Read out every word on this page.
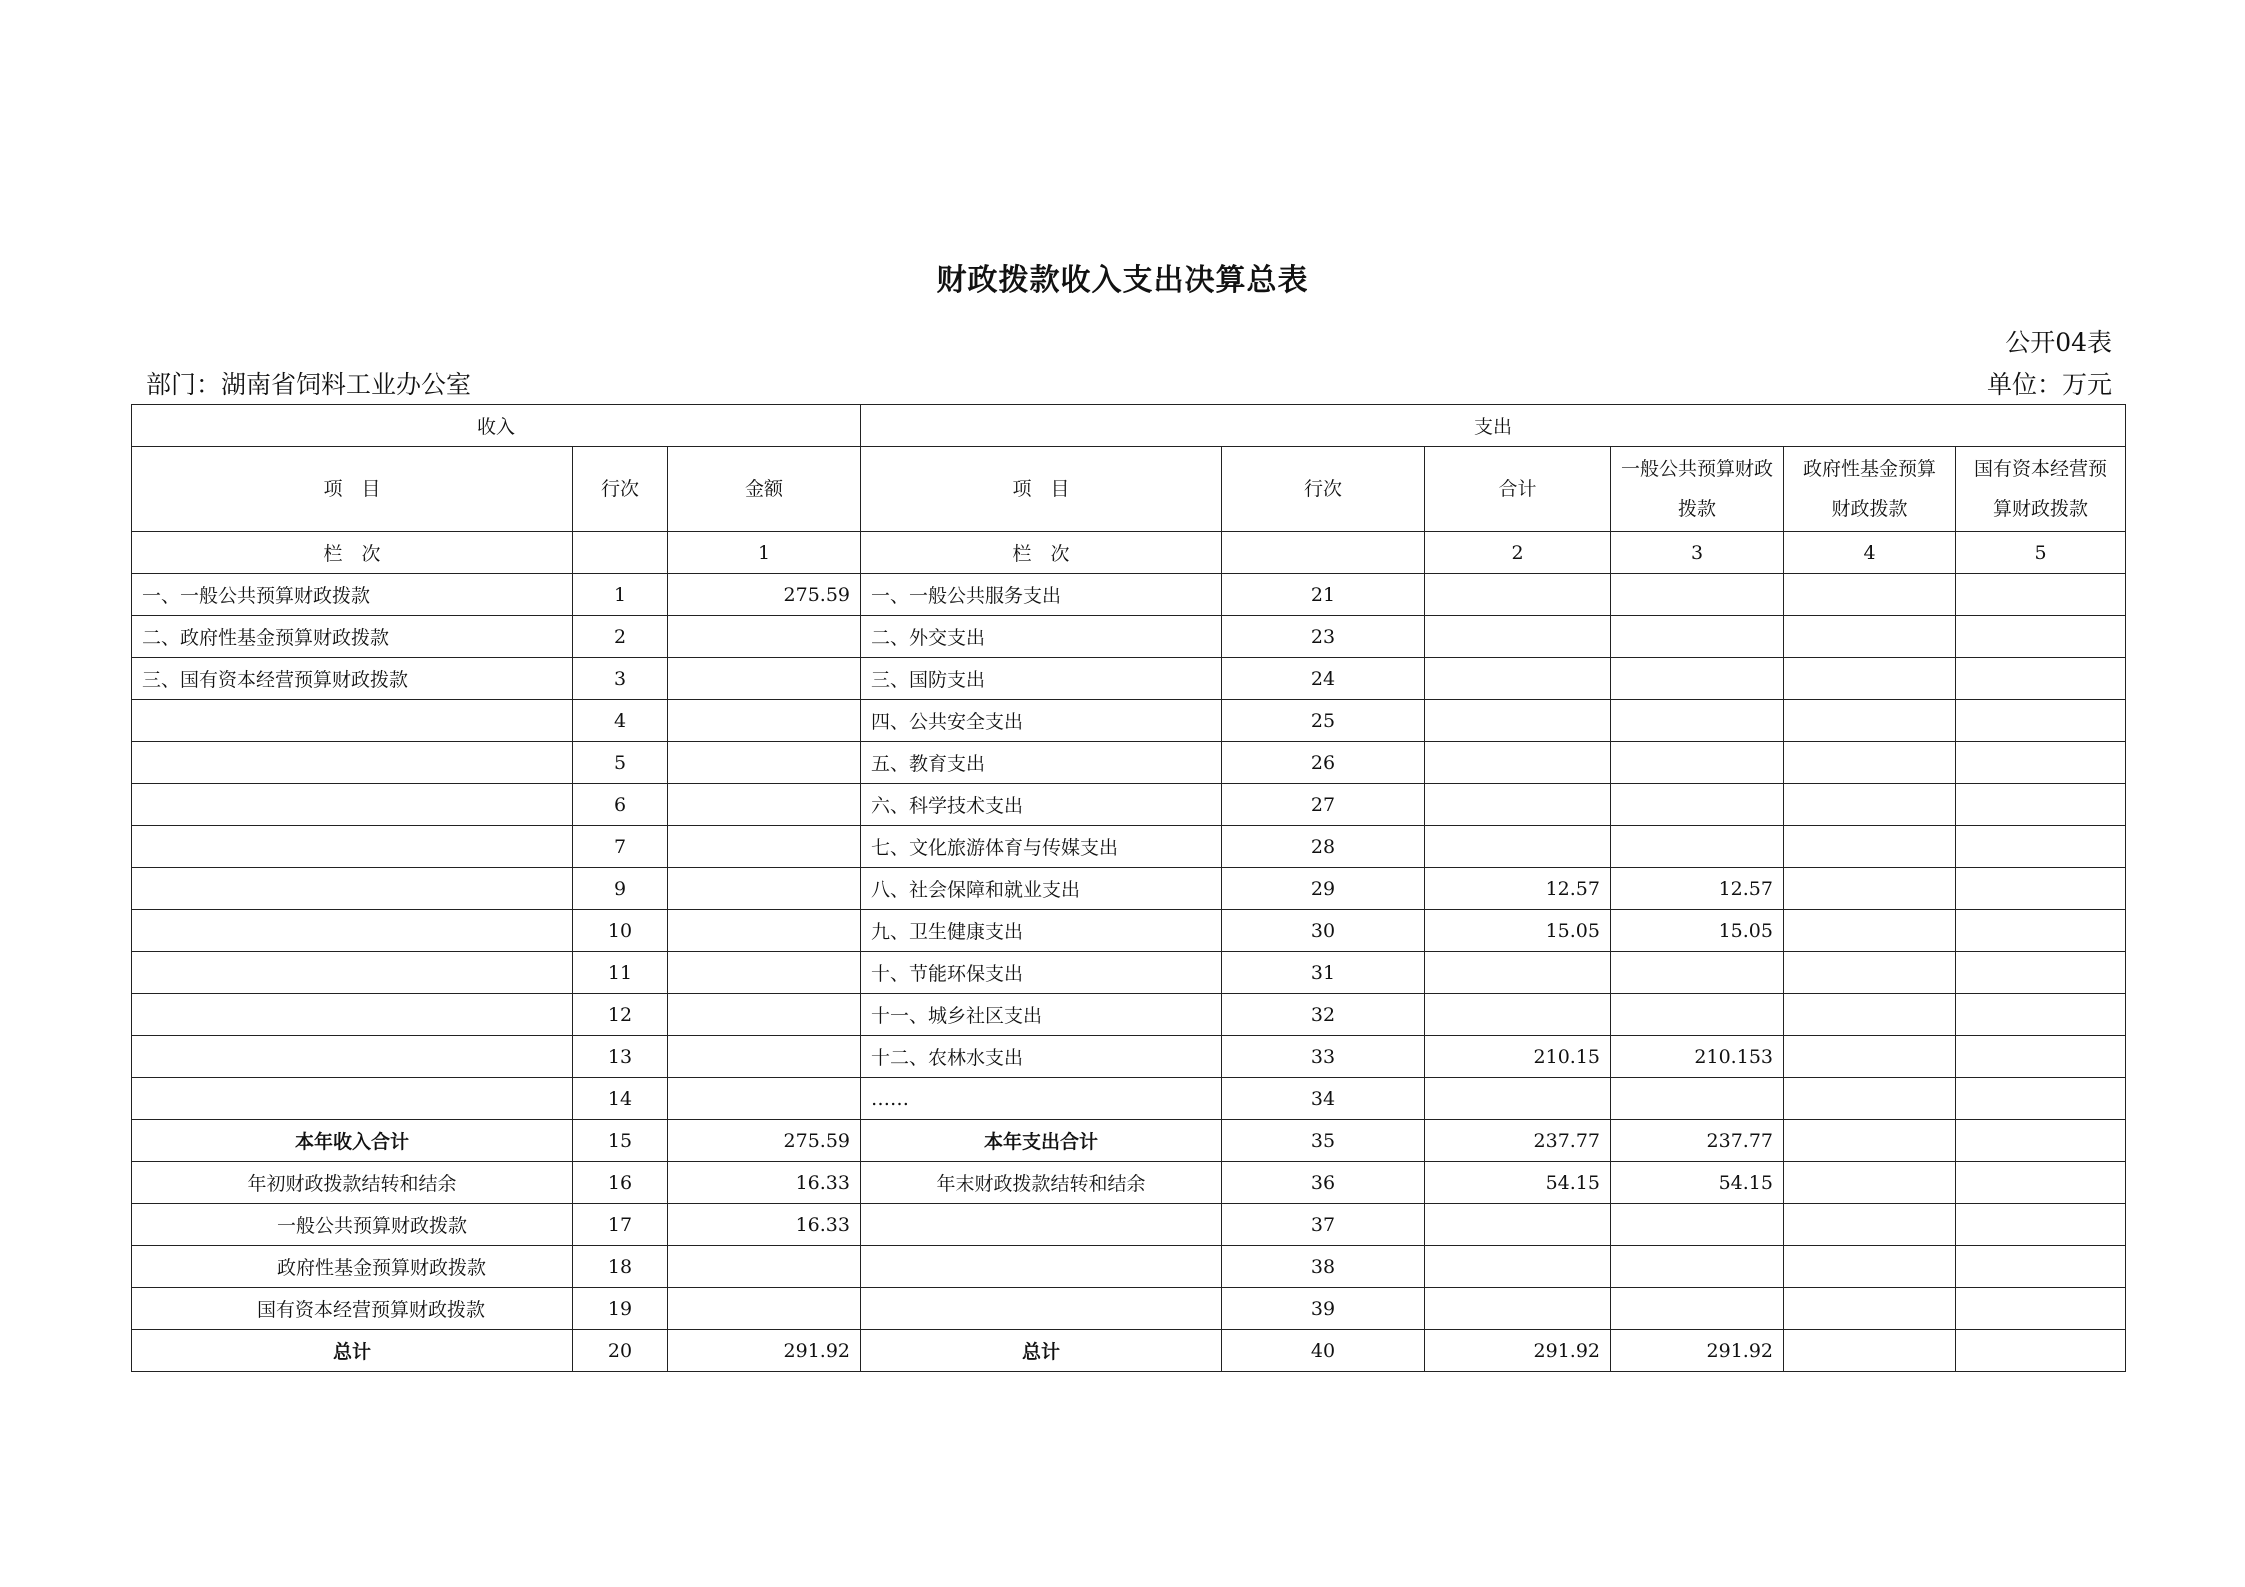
财政拨款收入支出决算总表
公开04表
部门：湖南省饲料工业办公室	单位：万元
收入			支出					
项　目	行次	金额	项　目	行次	合计	一般公共预算财政拨款	政府性基金预算财政拨款	国有资本经营预算财政拨款
栏　次		1	栏　次		2	3	4	5
一、一般公共预算财政拨款	1	275.59	一、一般公共服务支出	21				
二、政府性基金预算财政拨款	2		二、外交支出	23				
三、国有资本经营预算财政拨款	3		三、国防支出	24				
	4		四、公共安全支出	25				
	5		五、教育支出	26				
	6		六、科学技术支出	27				
	7		七、文化旅游体育与传媒支出	28				
	9		八、社会保障和就业支出	29	12.57	12.57		
	10		九、卫生健康支出	30	15.05	15.05		
	11		十、节能环保支出	31				
	12		十一、城乡社区支出	32				
	13		十二、农林水支出	33	210.15	210.153		
	14		……	34				
本年收入合计	15	275.59	本年支出合计	35	237.77	237.77		
年初财政拨款结转和结余	16	16.33	年末财政拨款结转和结余	36	54.15	54.15		
一般公共预算财政拨款	17	16.33		37				
政府性基金预算财政拨款	18			38				
国有资本经营预算财政拨款	19			39				
总计	20	291.92	总计	40	291.92	291.92		
